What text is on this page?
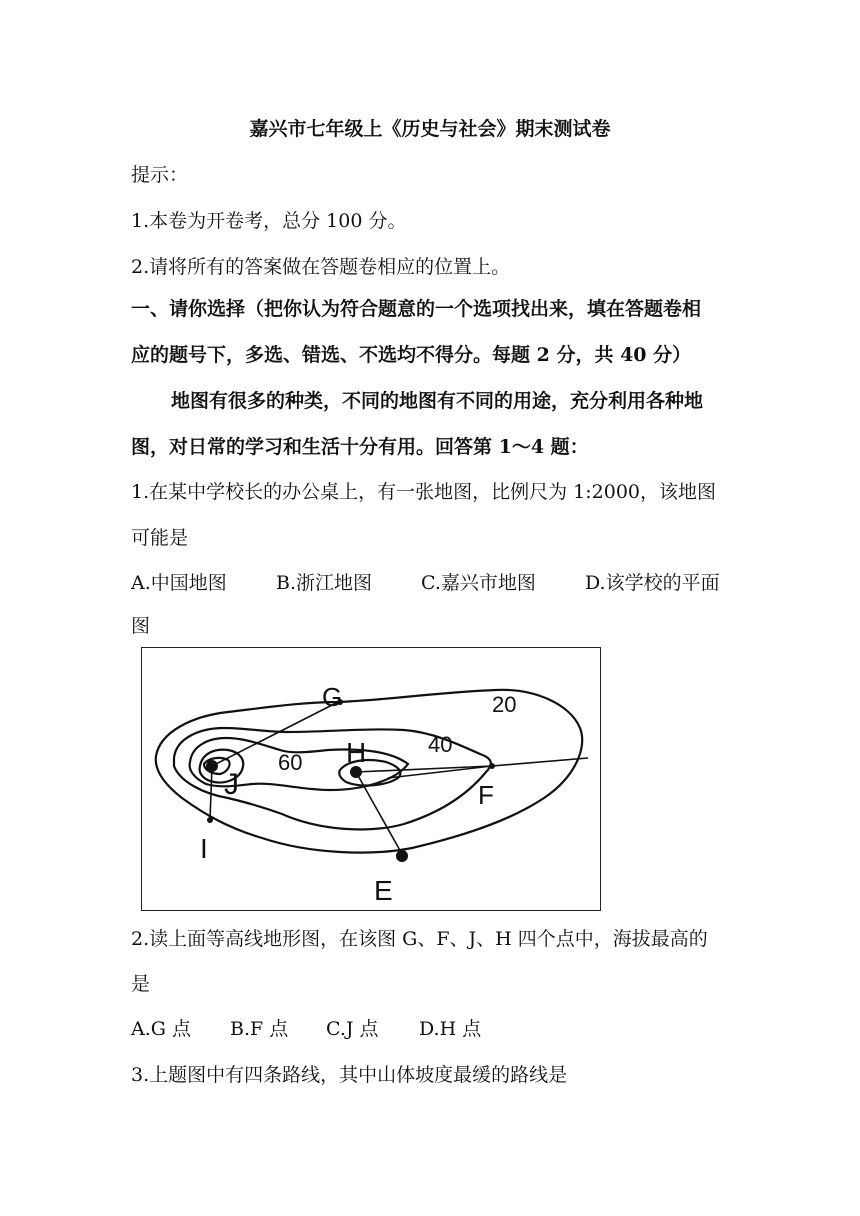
嘉兴市七年级上《历史与社会》期末测试卷
提示：
1.本卷为开卷考，总分 100 分。
2.请将所有的答案做在答题卷相应的位置上。
一、请你选择（把你认为符合题意的一个选项找出来，填在答题卷相
应的题号下，多选、错选、不选均不得分。每题 2 分，共 40 分）
地图有很多的种类，不同的地图有不同的用途，充分利用各种地
图，对日常的学习和生活十分有用。回答第 1～4 题：
1.在某中学校长的办公桌上，有一张地图，比例尺为 1:2000，该地图
可能是
A.中国地图	B.浙江地图	C.嘉兴市地图	D.该学校的平面
图
20
40
60
G
H
J	F
I
E
2.读上面等高线地形图，在该图 G、F、J、H 四个点中，海拔最高的
是
A.G 点 B.F 点 C.J 点 D.H 点
3.上题图中有四条路线，其中山体坡度最缓的路线是
